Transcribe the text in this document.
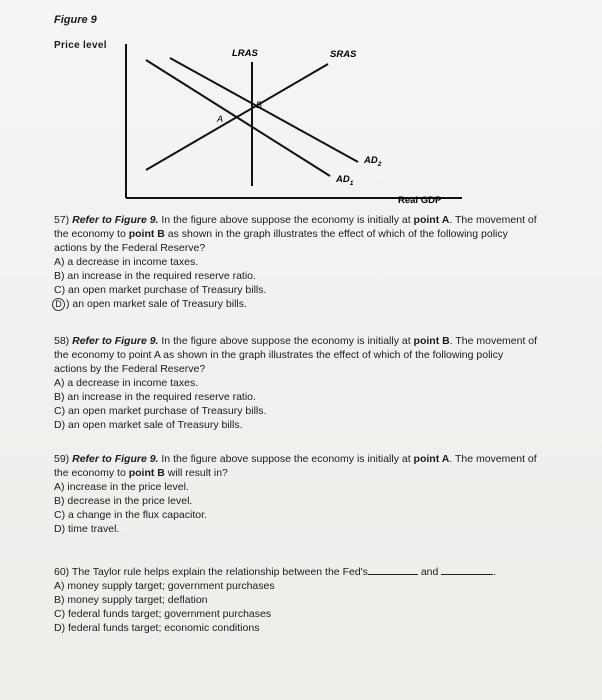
Figure 9
Price level
LRAS	SRAS
A
B
$AD_2$
$AD_1$
Real GDP
57) Refer to Figure 9. In the figure above suppose the economy is initially at point A. The movement of
the economy to point B as shown in the graph illustrates the effect of which of the following policy
actions by the Federal Reserve?
A) a decrease in income taxes.
B) an increase in the required reserve ratio.
C) an open market purchase of Treasury bills.
D ) an open market sale of Treasury bills.
58) Refer to Figure 9. In the figure above suppose the economy is initially at point B. The movement of
the economy to point A as shown in the graph illustrates the effect of which of the following policy
actions by the Federal Reserve?
A) a decrease in income taxes.
B) an increase in the required reserve ratio.
C) an open market purchase of Treasury bills.
D) an open market sale of Treasury bills.
59) Refer to Figure 9. In the figure above suppose the economy is initially at point A. The movement of
the economy to point B will result in?
A) increase in the price level.
B) decrease in the price level.
C) a change in the flux capacitor.
D) time travel.
60) The Taylor rule helps explain the relationship between the Fed's	and	.
A) money supply target; government purchases
B) money supply target; deflation
C) federal funds target; government purchases
D) federal funds target; economic conditions
